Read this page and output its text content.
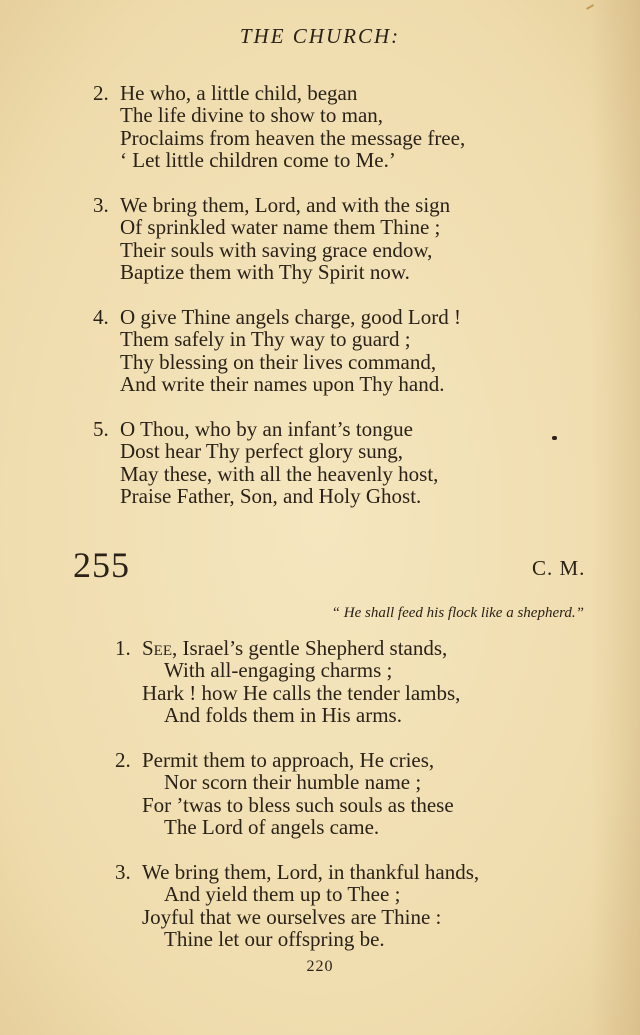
THE CHURCH:
2. He who, a little child, began
The life divine to show to man,
Proclaims from heaven the message free,
‘ Let little children come to Me.’
3. We bring them, Lord, and with the sign
Of sprinkled water name them Thine ;
Their souls with saving grace endow,
Baptize them with Thy Spirit now.
4. O give Thine angels charge, good Lord !
Them safely in Thy way to guard ;
Thy blessing on their lives command,
And write their names upon Thy hand.
5. O Thou, who by an infant’s tongue
Dost hear Thy perfect glory sung,
May these, with all the heavenly host,
Praise Father, Son, and Holy Ghost.
255	C. M.
“ He shall feed his flock like a shepherd.”
1. See, Israel’s gentle Shepherd stands,
With all-engaging charms ;
Hark ! how He calls the tender lambs,
And folds them in His arms.
2. Permit them to approach, He cries,
Nor scorn their humble name ;
For ’twas to bless such souls as these
The Lord of angels came.
3. We bring them, Lord, in thankful hands,
And yield them up to Thee ;
Joyful that we ourselves are Thine :
Thine let our offspring be.
220
